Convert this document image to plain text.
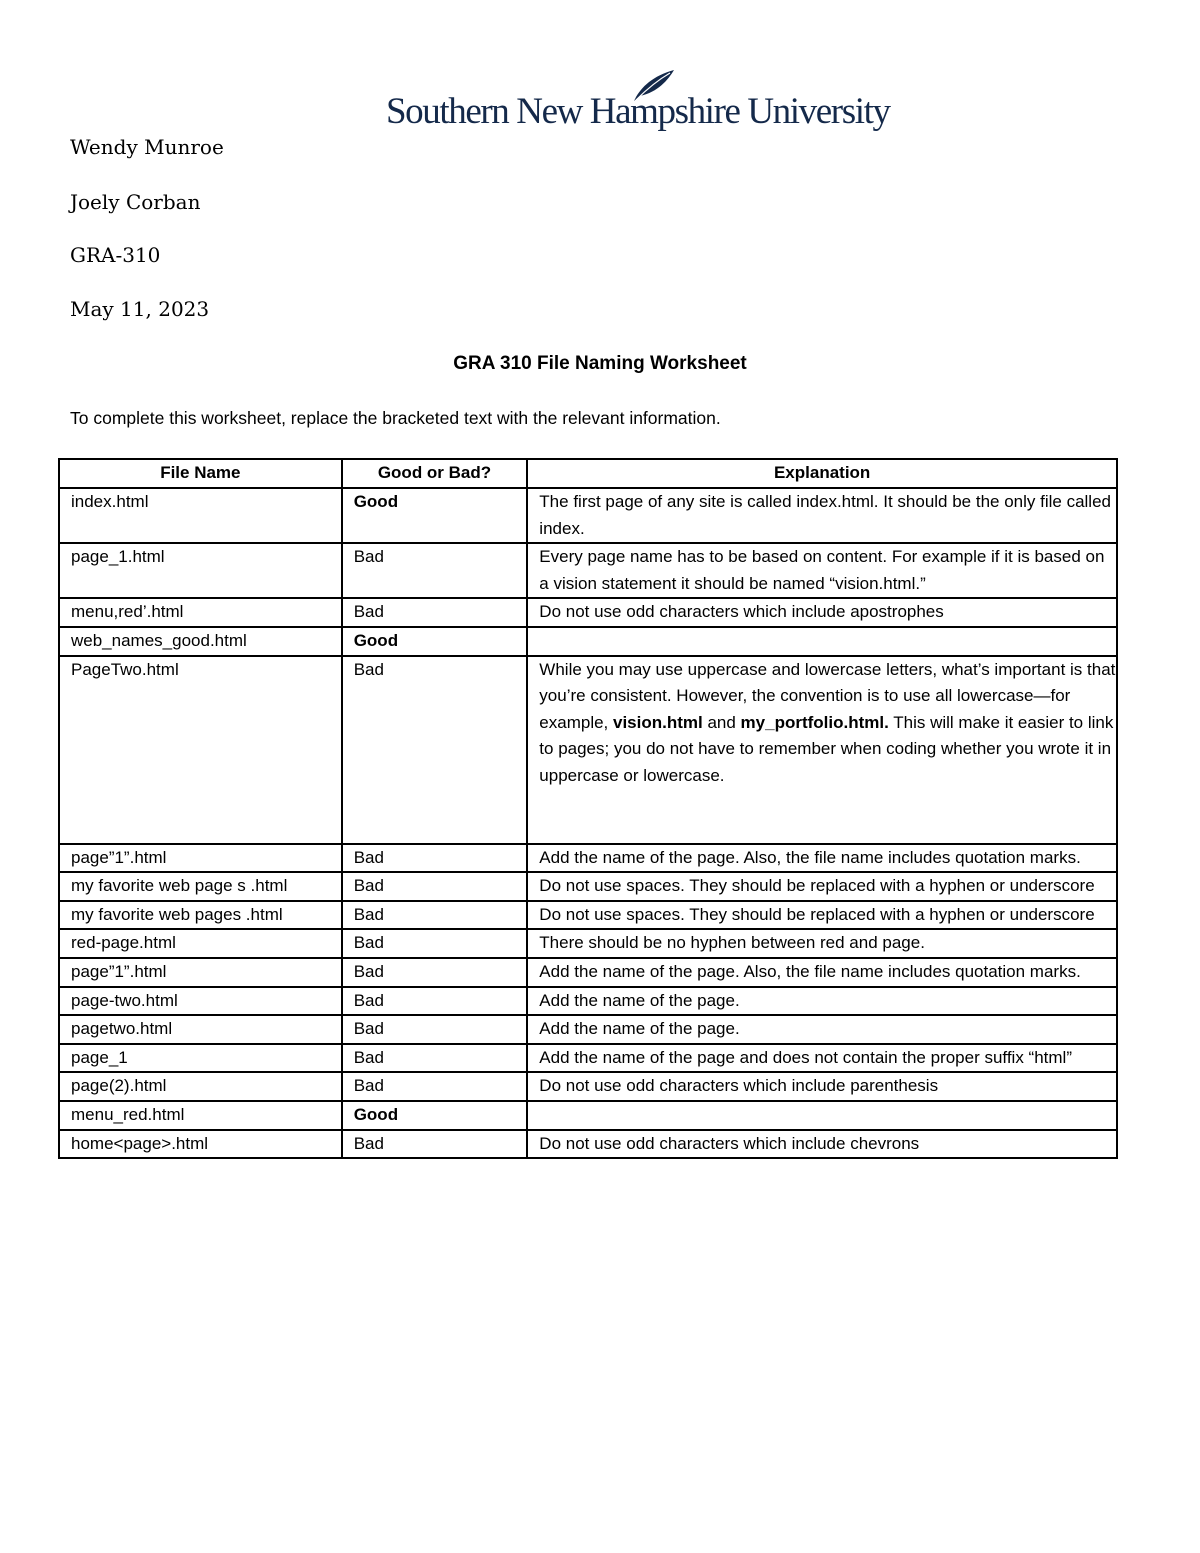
Southern New Hampshire University
Wendy Munroe
Joely Corban
GRA-310
May 11, 2023
GRA 310 File Naming Worksheet
To complete this worksheet, replace the bracketed text with the relevant information.
File Name	Good or Bad?	Explanation
index.html	Good	The first page of any site is called index.html. It should be the only file called index.
page_1.html	Bad	Every page name has to be based on content. For example if it is based on a vision statement it should be named “vision.html.”
menu,red’.html	Bad	Do not use odd characters which include apostrophes
web_names_good.html	Good	
PageTwo.html	Bad	While you may use uppercase and lowercase letters, what’s important is that you’re consistent. However, the convention is to use all lowercase—for example, vision.html and my_portfolio.html. This will make it easier to link to pages; you do not have to remember when coding whether you wrote it in uppercase or lowercase.
page”1”.html	Bad	Add the name of the page. Also, the file name includes quotation marks.
my favorite web page s .html	Bad	Do not use spaces. They should be replaced with a hyphen or underscore
my favorite web pages .html	Bad	Do not use spaces. They should be replaced with a hyphen or underscore
red-page.html	Bad	There should be no hyphen between red and page.
page”1”.html	Bad	Add the name of the page. Also, the file name includes quotation marks.
page-two.html	Bad	Add the name of the page.
pagetwo.html	Bad	Add the name of the page.
page_1	Bad	Add the name of the page and does not contain the proper suffix “html”
page(2).html	Bad	Do not use odd characters which include parenthesis
menu_red.html	Good	
home<page>.html	Bad	Do not use odd characters which include chevrons
